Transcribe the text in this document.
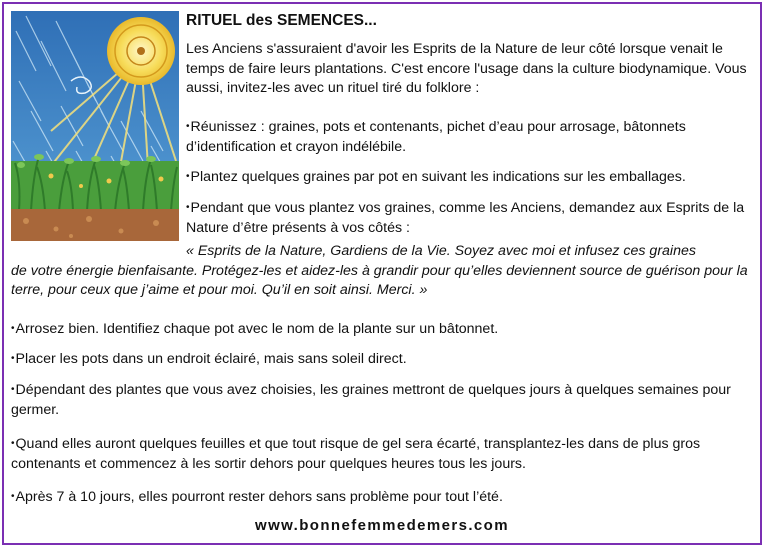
RITUEL des SEMENCES...

Les Anciens s'assuraient d'avoir les Esprits de la Nature de leur côté lorsque venait le temps de faire leurs plantations. C'est encore l'usage dans la culture biodynamique. Vous aussi, invitez-les avec un rituel tiré du folklore :

•Réunissez : graines, pots et contenants, pichet d’eau pour arrosage, bâtonnets d’identification et crayon indélébile.

•Plantez quelques graines par pot en suivant les indications sur les emballages.

•Pendant que vous plantez vos graines, comme les Anciens, demandez aux Esprits de la Nature d’être présents à vos côtés :

« Esprits de la Nature, Gardiens de la Vie. Soyez avec moi et infusez ces graines
de votre énergie bienfaisante. Protégez-les et aidez-les à grandir pour qu’elles deviennent source de guérison pour la terre, pour ceux que j’aime et pour moi. Qu’il en soit ainsi. Merci. »

•Arrosez bien. Identifiez chaque pot avec le nom de la plante sur un bâtonnet.

•Placer les pots dans un endroit éclairé, mais sans soleil direct.

•Dépendant des plantes que vous avez choisies, les graines mettront de quelques jours à quelques semaines pour germer.

•Quand elles auront quelques feuilles et que tout risque de gel sera écarté, transplantez-les dans de plus gros contenants et commencez à les sortir dehors pour quelques heures tous les jours.

•Après 7 à 10 jours, elles pourront rester dehors sans problème pour tout l’été.

www.bonnefemmedemers.com
